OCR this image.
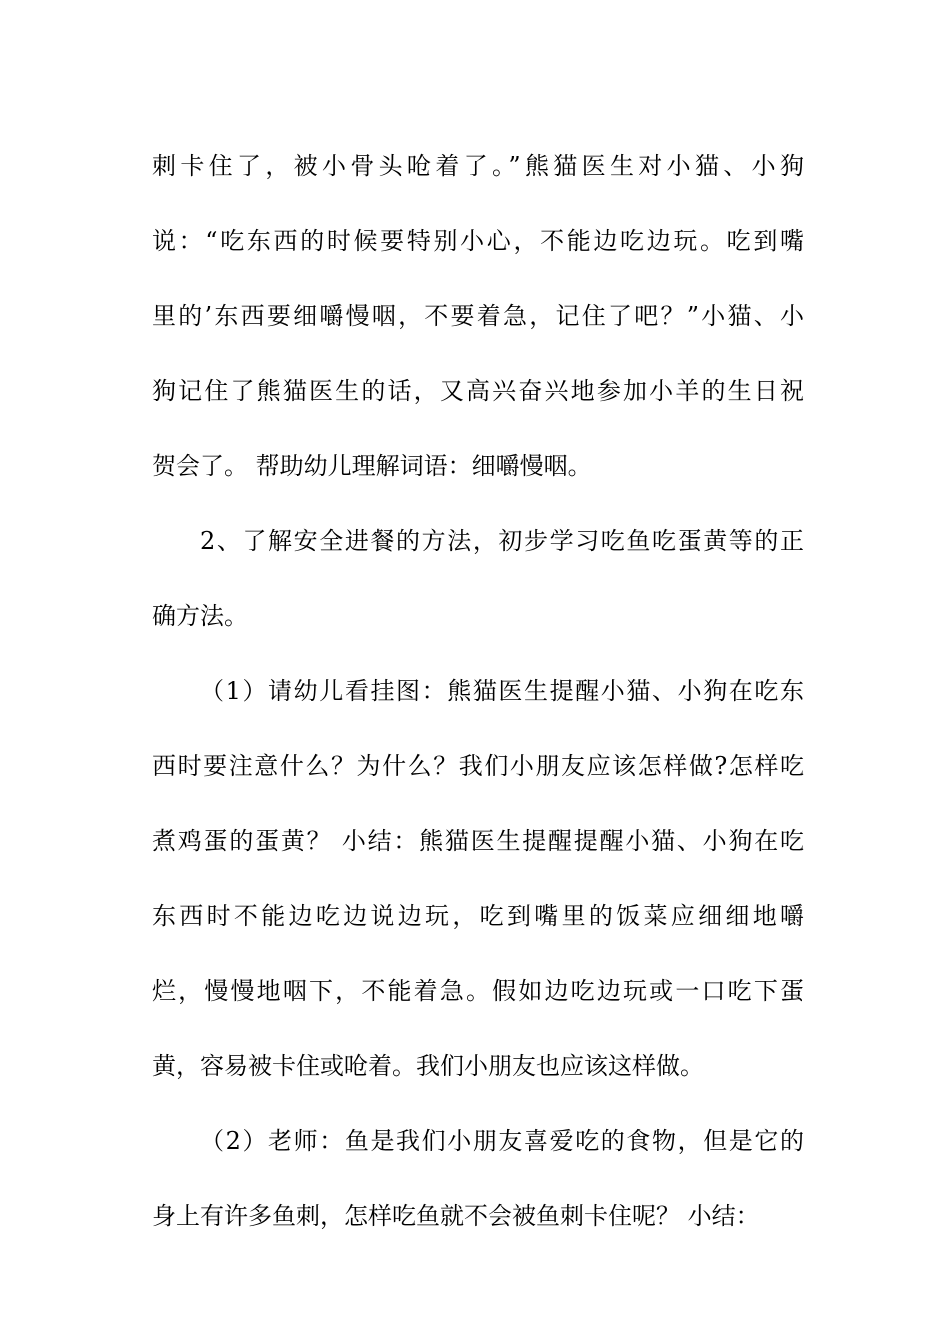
刺卡住了，被小骨头呛着了。”熊猫医生对小猫、小狗
说：“吃东西的时候要特别小心，不能边吃边玩。吃到嘴
里的’东西要细嚼慢咽，不要着急，记住了吧？”小猫、小
狗记住了熊猫医生的话，又高兴奋兴地参加小羊的生日祝
贺会了。 帮助幼儿理解词语：细嚼慢咽。
2、了解安全进餐的方法，初步学习吃鱼吃蛋黄等的正
确方法。
（1）请幼儿看挂图：熊猫医生提醒小猫、小狗在吃东
西时要注意什么？为什么？我们小朋友应该怎样做?怎样吃
煮鸡蛋的蛋黄？ 小结：熊猫医生提醒提醒小猫、小狗在吃
东西时不能边吃边说边玩，吃到嘴里的饭菜应细细地嚼
烂，慢慢地咽下，不能着急。假如边吃边玩或一口吃下蛋
黄，容易被卡住或呛着。我们小朋友也应该这样做。
（2）老师：鱼是我们小朋友喜爱吃的食物，但是它的
身上有许多鱼刺，怎样吃鱼就不会被鱼刺卡住呢？ 小结：
